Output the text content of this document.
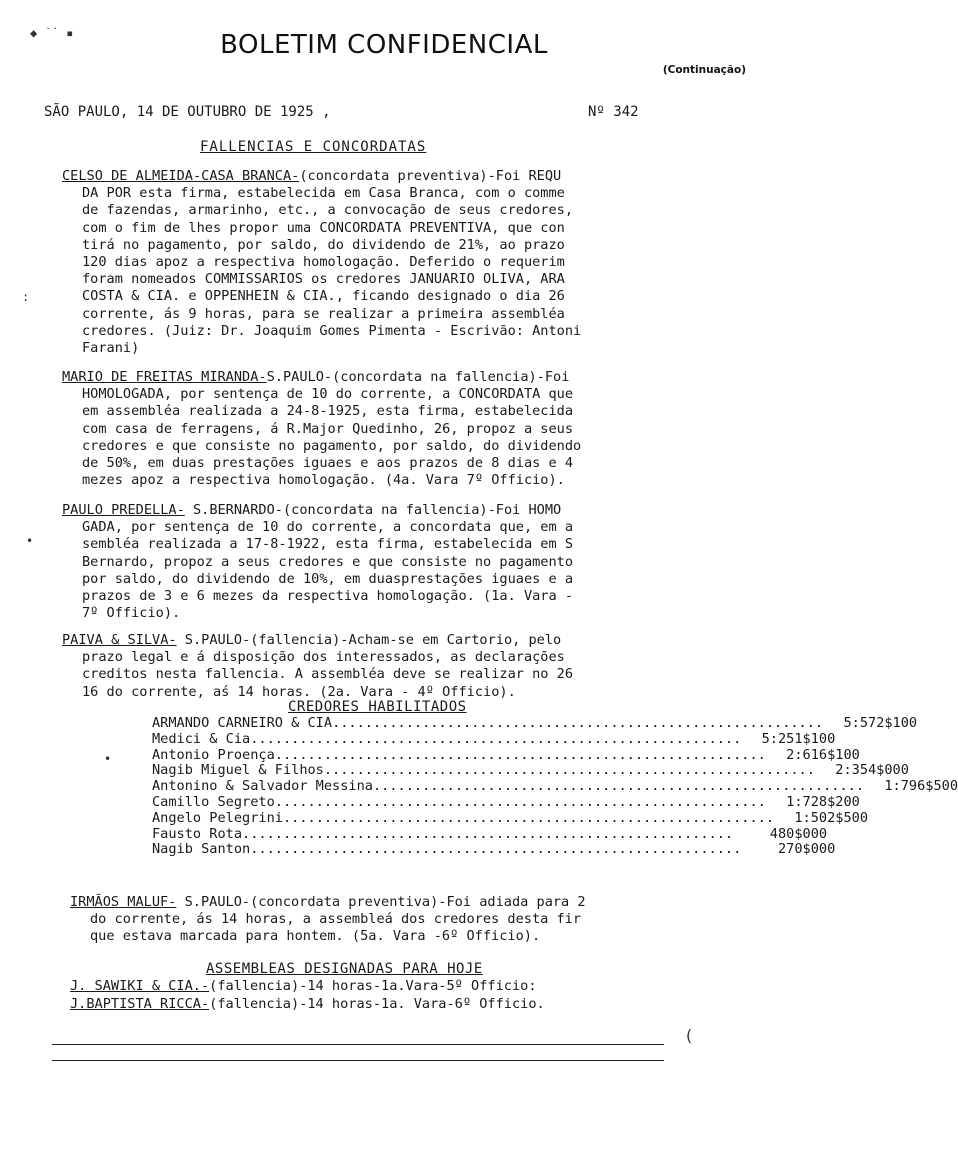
◆ ˙˙ ▪	BOLETIM CONFIDENCIAL
(Continuação)
SÃO PAULO, 14 DE OUTUBRO DE 1925 ,	Nº 342
FALLENCIAS E CONCORDATAS
CELSO DE ALMEIDA-CASA BRANCA-(concordata preventiva)-Foi REQU
DA POR esta firma, estabelecida em Casa Branca, com o comme
de fazendas, armarinho, etc., a convocação de seus credores,
com o fim de lhes propor uma CONCORDATA PREVENTIVA, que con
tirá no pagamento, por saldo, do dividendo de 21%, ao prazo
120 dias apoz a respectiva homologação. Deferido o requerim
foram nomeados COMMISSARIOS os credores JANUARIO OLIVA, ARA
COSTA & CIA. e OPPENHEIN & CIA., ficando designado o dia 26
corrente, ás 9 horas, para se realizar a primeira assembléa
credores. (Juiz: Dr. Joaquim Gomes Pimenta - Escrivão: Antoni
Farani)
MARIO DE FREITAS MIRANDA-S.PAULO-(concordata na fallencia)-Foi
HOMOLOGADA, por sentença de 10 do corrente, a CONCORDATA que
em assembléa realizada a 24-8-1925, esta firma, estabelecida
com casa de ferragens, á R.Major Quedinho, 26, propoz a seus
credores e que consiste no pagamento, por saldo, do dividendo
de 50%, em duas prestações iguaes e aos prazos de 8 dias e 4
mezes apoz a respectiva homologação. (4a. Vara 7º Officio).
PAULO PREDELLA- S.BERNARDO-(concordata na fallencia)-Foi HOMO
GADA, por sentença de 10 do corrente, a concordata que, em a
sembléa realizada a 17-8-1922, esta firma, estabelecida em S
Bernardo, propoz a seus credores e que consiste no pagamento
por saldo, do dividendo de 10%, em duasprestações iguaes e a
prazos de 3 e 6 mezes da respectiva homologação. (1a. Vara -
7º Officio).
PAIVA & SILVA- S.PAULO-(fallencia)-Acham-se em Cartorio, pelo
prazo legal e á disposição dos interessados, as declarações
creditos nesta fallencia. A assembléa deve se realizar no 26
16 do corrente, aś 14 horas. (2a. Vara - 4º Officio).
CREDORES HABILITADOS
ARMANDO CARNEIRO & CIA ............................................................	5:572$100
Medici & Cia ............................................................	5:251$100
Antonio Proença ............................................................	2:616$100
Nagib Miguel & Filhos ............................................................	2:354$000
Antonino & Salvador Messina ............................................................	1:796$500
Camillo Segreto ............................................................	1:728$200
Angelo Pelegrini ............................................................	1:502$500
Fausto Rota ............................................................	480$000
Nagib Santon ............................................................	270$000
•
IRMÃOS MALUF- S.PAULO-(concordata preventiva)-Foi adiada para 2
do corrente, ás 14 horas, a assembleá dos credores desta fir
que estava marcada para hontem. (5a. Vara -6º Officio).
ASSEMBLEAS DESIGNADAS PARA HOJE
J. SAWIKI & CIA.-(fallencia)-14 horas-1a.Vara-5º Officio:
J.BAPTISTA RICCA-(fallencia)-14 horas-1a. Vara-6º Officio.
(
:
•
